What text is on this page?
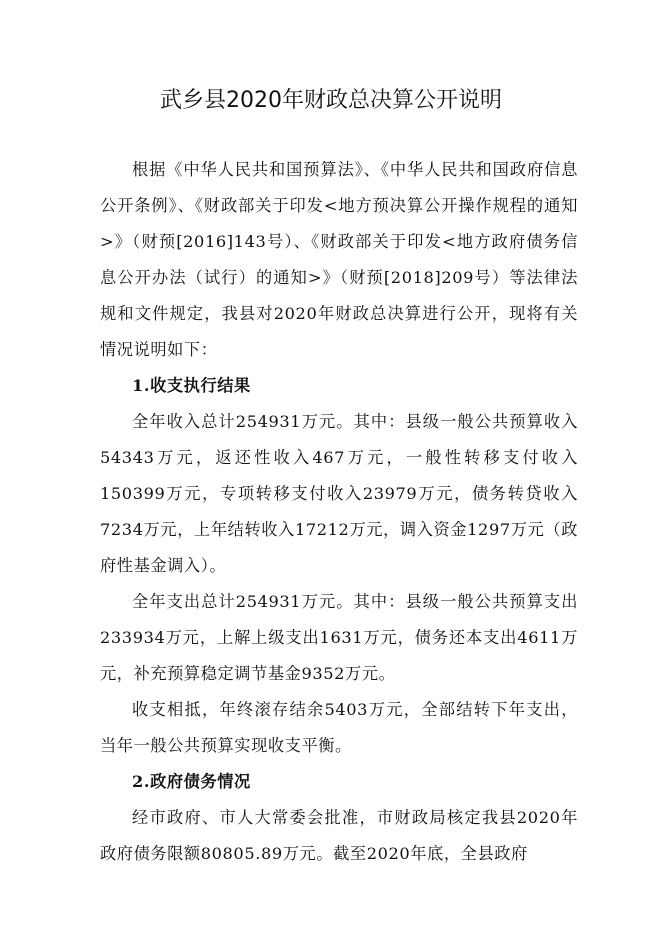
武乡县2020年财政总决算公开说明

根据《中华人民共和国预算法》、《中华人民共和国政府信息公开条例》、《财政部关于印发<地方预决算公开操作规程的通知>》（财预[2016]143号）、《财政部关于印发<地方政府债务信息公开办法（试行）的通知>》（财预[2018]209号）等法律法规和文件规定，我县对2020年财政总决算进行公开，现将有关情况说明如下：

1.收支执行结果

全年收入总计254931万元。其中：县级一般公共预算收入54343万元，返还性收入467万元，一般性转移支付收入150399万元，专项转移支付收入23979万元，债务转贷收入7234万元，上年结转收入17212万元，调入资金1297万元（政府性基金调入）。

全年支出总计254931万元。其中：县级一般公共预算支出233934万元，上解上级支出1631万元，债务还本支出4611万元，补充预算稳定调节基金9352万元。

收支相抵，年终滚存结余5403万元，全部结转下年支出，当年一般公共预算实现收支平衡。

2.政府债务情况

经市政府、市人大常委会批准，市财政局核定我县2020年政府债务限额80805.89万元。截至2020年底，全县政府
